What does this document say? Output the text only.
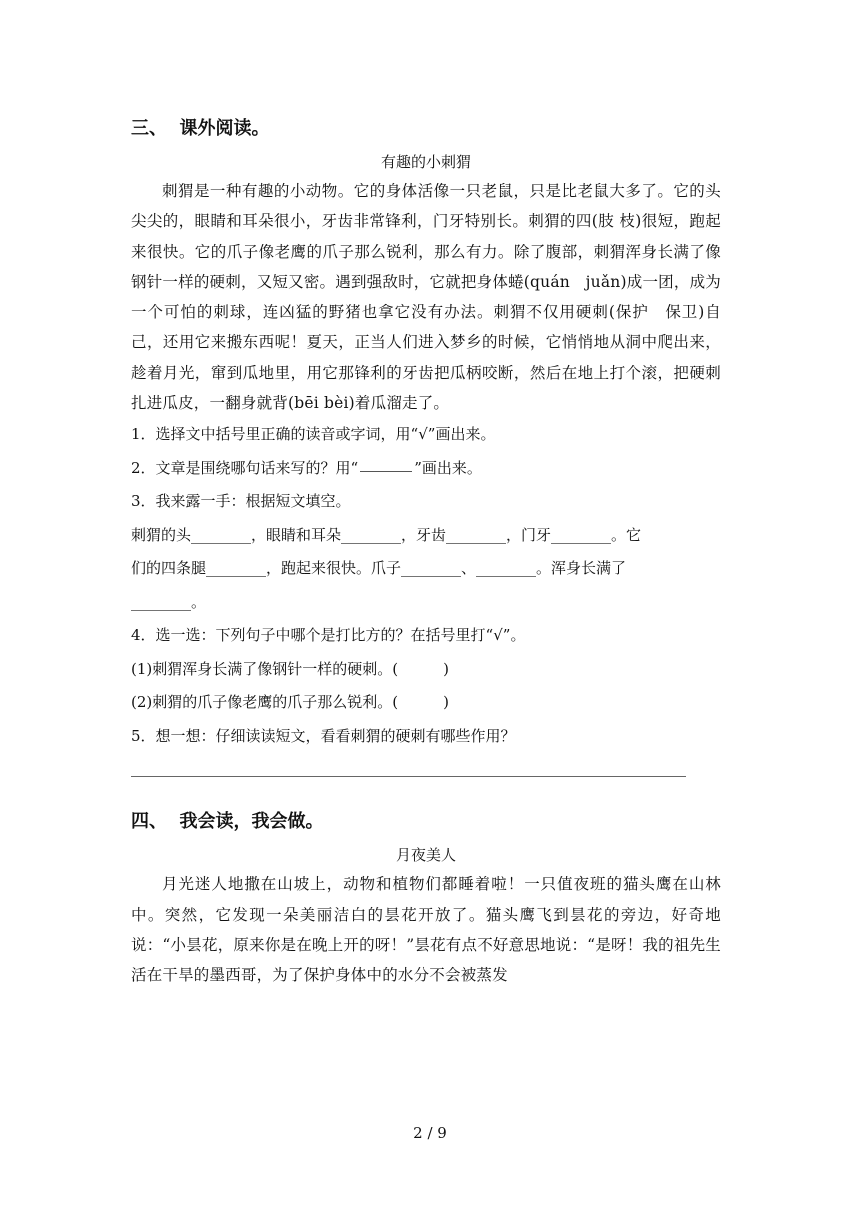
三、  课外阅读。
有趣的小刺猬
刺猬是一种有趣的小动物。它的身体活像一只老鼠，只是比老鼠大多了。它的头尖尖的，眼睛和耳朵很小，牙齿非常锋利，门牙特别长。刺猬的四(肢 枝)很短，跑起来很快。它的爪子像老鹰的爪子那么锐利，那么有力。除了腹部，刺猬浑身长满了像钢针一样的硬刺，又短又密。遇到强敌时，它就把身体蜷(quán　juǎn)成一团，成为一个可怕的刺球，连凶猛的野猪也拿它没有办法。刺猬不仅用硬刺(保护　保卫)自己，还用它来搬东西呢！夏天，正当人们进入梦乡的时候，它悄悄地从洞中爬出来，趁着月光，窜到瓜地里，用它那锋利的牙齿把瓜柄咬断，然后在地上打个滚，把硬刺扎进瓜皮，一翻身就背(bēi bèi)着瓜溜走了。
1．选择文中括号里正确的读音或字词，用“√”画出来。
2．文章是围绕哪句话来写的？用“	”画出来。
3．我来露一手：根据短文填空。
刺猬的头________，眼睛和耳朵________，牙齿________，门牙________。它
们的四条腿________，跑起来很快。爪子________、________。浑身长满了
________。
4．选一选：下列句子中哪个是打比方的？在括号里打“√”。
(1)刺猬浑身长满了像钢针一样的硬刺。(　　　)
(2)刺猬的爪子像老鹰的爪子那么锐利。(　　　)
5．想一想：仔细读读短文，看看刺猬的硬刺有哪些作用？
四、  我会读，我会做。
月夜美人
月光迷人地撒在山坡上，动物和植物们都睡着啦！一只值夜班的猫头鹰在山林中。突然，它发现一朵美丽洁白的昙花开放了。猫头鹰飞到昙花的旁边，好奇地说：“小昙花，原来你是在晚上开的呀！”昙花有点不好意思地说：“是呀！我的祖先生活在干旱的墨西哥，为了保护身体中的水分不会被蒸发
2 / 9
